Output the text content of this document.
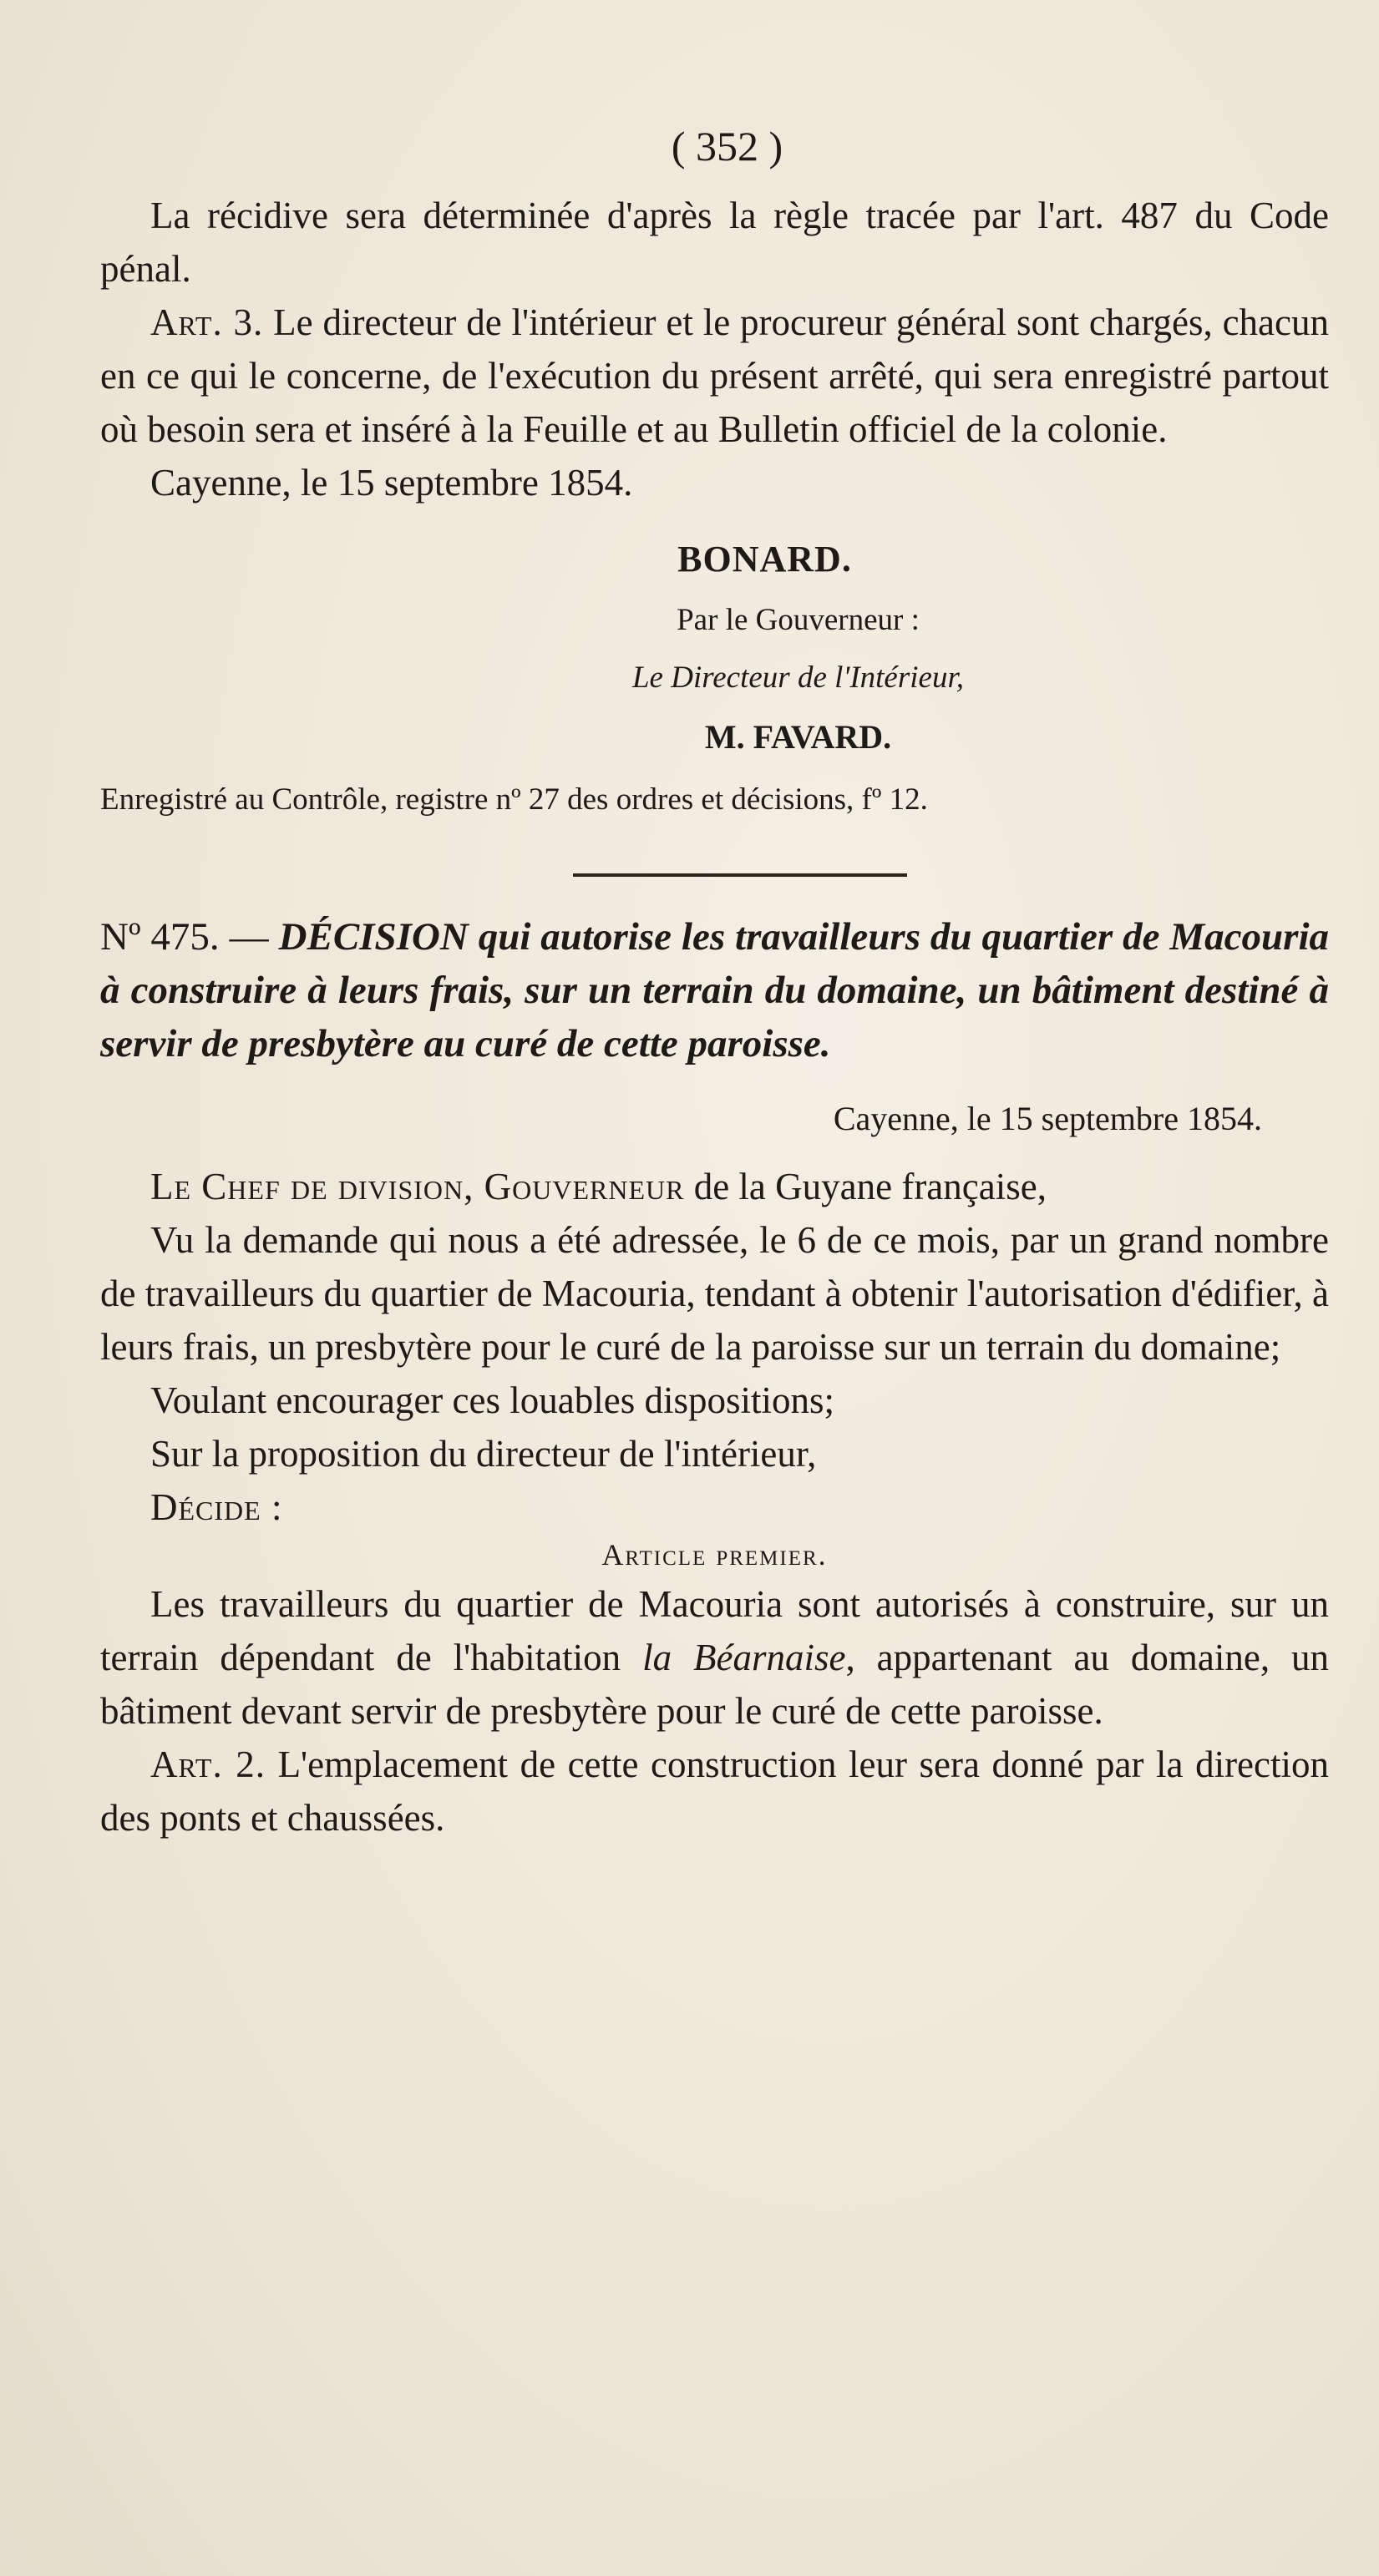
( 352 )

La récidive sera déterminée d'après la règle tracée par l'art. 487 du Code pénal.

Art. 3. Le directeur de l'intérieur et le procureur général sont chargés, chacun en ce qui le concerne, de l'exécution du présent arrêté, qui sera enregistré partout où besoin sera et inséré à la Feuille et au Bulletin officiel de la colonie.

Cayenne, le 15 septembre 1854.

BONARD.
Par le Gouverneur :
Le Directeur de l'Intérieur,
M. FAVARD.
Enregistré au Contrôle, registre nº 27 des ordres et décisions, fº 12.

Nº 475. — DÉCISION qui autorise les travailleurs du quartier de Macouria à construire à leurs frais, sur un terrain du domaine, un bâtiment destiné à servir de presbytère au curé de cette paroisse.

Cayenne, le 15 septembre 1854.

Le Chef de division, Gouverneur de la Guyane française,

Vu la demande qui nous a été adressée, le 6 de ce mois, par un grand nombre de travailleurs du quartier de Macouria, tendant à obtenir l'autorisation d'édifier, à leurs frais, un presbytère pour le curé de la paroisse sur un terrain du domaine;

Voulant encourager ces louables dispositions;

Sur la proposition du directeur de l'intérieur,

Décide :

Article premier.

Les travailleurs du quartier de Macouria sont autorisés à construire, sur un terrain dépendant de l'habitation la Béarnaise, appartenant au domaine, un bâtiment devant servir de presbytère pour le curé de cette paroisse.

Art. 2. L'emplacement de cette construction leur sera donné par la direction des ponts et chaussées.
